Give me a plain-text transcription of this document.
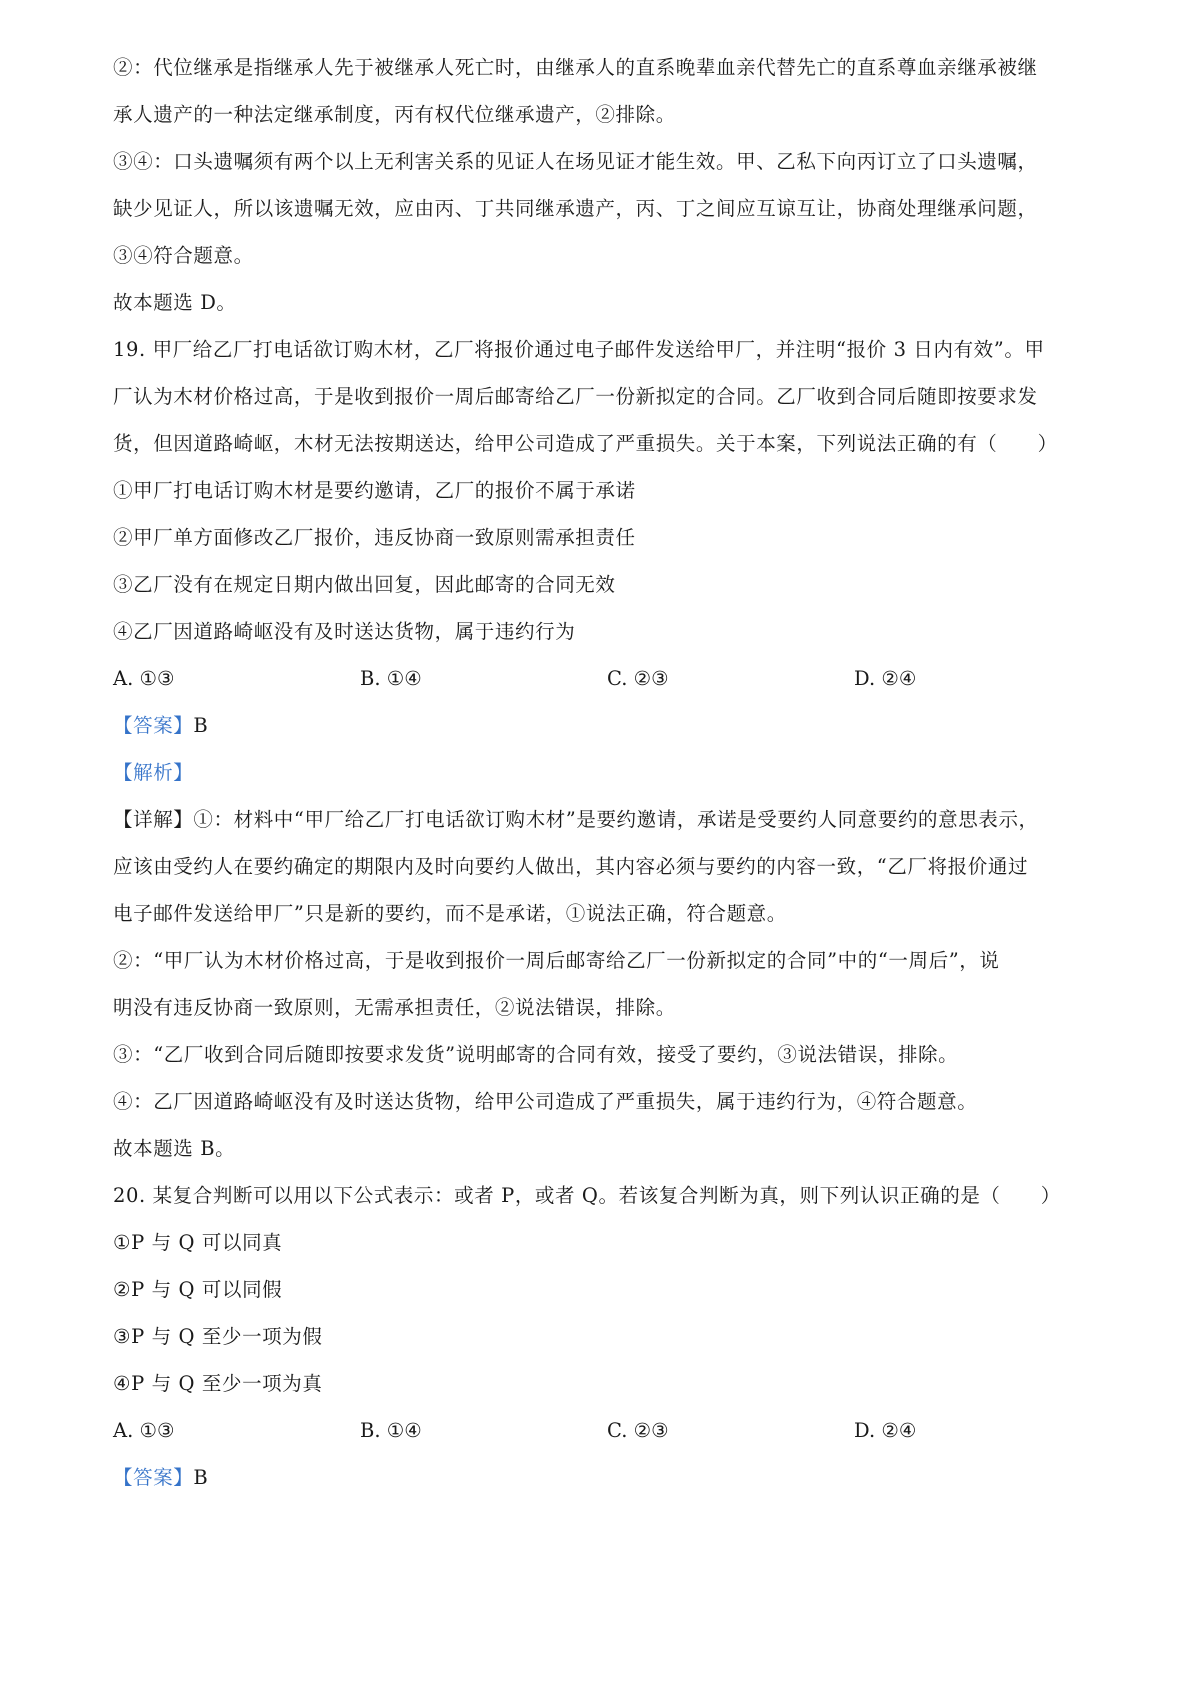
②：代位继承是指继承人先于被继承人死亡时，由继承人的直系晚辈血亲代替先亡的直系尊血亲继承被继
承人遗产的一种法定继承制度，丙有权代位继承遗产，②排除。
③④：口头遗嘱须有两个以上无利害关系的见证人在场见证才能生效。甲、乙私下向丙订立了口头遗嘱，
缺少见证人，所以该遗嘱无效，应由丙、丁共同继承遗产，丙、丁之间应互谅互让，协商处理继承问题，
③④符合题意。
故本题选 D。
19. 甲厂给乙厂打电话欲订购木材，乙厂将报价通过电子邮件发送给甲厂，并注明“报价 3 日内有效”。甲
厂认为木材价格过高，于是收到报价一周后邮寄给乙厂一份新拟定的合同。乙厂收到合同后随即按要求发
货，但因道路崎岖，木材无法按期送达，给甲公司造成了严重损失。关于本案，下列说法正确的有（　　）
①甲厂打电话订购木材是要约邀请，乙厂的报价不属于承诺
②甲厂单方面修改乙厂报价，违反协商一致原则需承担责任
③乙厂没有在规定日期内做出回复，因此邮寄的合同无效
④乙厂因道路崎岖没有及时送达货物，属于违约行为
A. ①③	B. ①④	C. ②③	D. ②④
【答案】B
【解析】
【详解】①：材料中“甲厂给乙厂打电话欲订购木材”是要约邀请，承诺是受要约人同意要约的意思表示，
应该由受约人在要约确定的期限内及时向要约人做出，其内容必须与要约的内容一致，“乙厂将报价通过
电子邮件发送给甲厂”只是新的要约，而不是承诺，①说法正确，符合题意。
②：“甲厂认为木材价格过高，于是收到报价一周后邮寄给乙厂一份新拟定的合同”中的“一周后”，说
明没有违反协商一致原则，无需承担责任，②说法错误，排除。
③：“乙厂收到合同后随即按要求发货”说明邮寄的合同有效，接受了要约，③说法错误，排除。
④：乙厂因道路崎岖没有及时送达货物，给甲公司造成了严重损失，属于违约行为，④符合题意。
故本题选 B。
20. 某复合判断可以用以下公式表示：或者 P，或者 Q。若该复合判断为真，则下列认识正确的是（　　）
①P 与 Q 可以同真
②P 与 Q 可以同假
③P 与 Q 至少一项为假
④P 与 Q 至少一项为真
A. ①③	B. ①④	C. ②③	D. ②④
【答案】B
